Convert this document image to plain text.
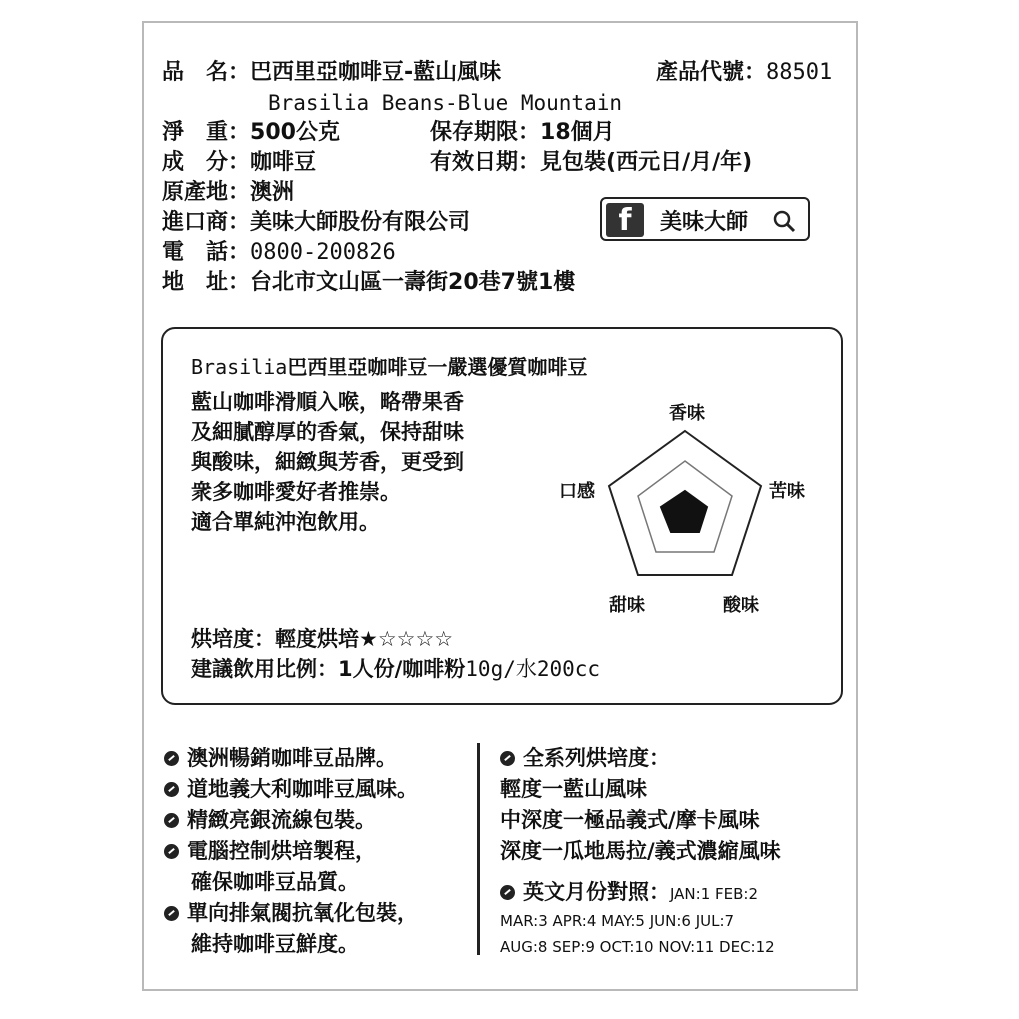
品　名：巴西里亞咖啡豆-藍山風味	產品代號：88501
Brasilia Beans-Blue Mountain
淨　重：500公克	保存期限：18個月
成　分：咖啡豆	有效日期：見包裝(西元日/月/年)
原產地：澳洲
進口商：美味大師股份有限公司	f	美味大師
電　話：0800-200826
地　址：台北市文山區一壽街20巷7號1樓
Brasilia巴西里亞咖啡豆一嚴選優質咖啡豆
藍山咖啡滑順入喉，略帶果香
及細膩醇厚的香氣，保持甜味
與酸味，細緻與芳香，更受到
衆多咖啡愛好者推崇。
適合單純沖泡飲用。
香味
苦味
酸味
甜味
口感
烘培度：輕度烘培★☆☆☆☆
建議飲用比例：1人份/咖啡粉10g/水200cc
澳洲暢銷咖啡豆品牌。
道地義大利咖啡豆風味。
精緻亮銀流線包裝。
電腦控制烘培製程，
確保咖啡豆品質。
單向排氣閥抗氧化包裝，
維持咖啡豆鮮度。
全系列烘培度：
輕度一藍山風味
中深度一極品義式/摩卡風味
深度一瓜地馬拉/義式濃縮風味
英文月份對照：JAN:1 FEB:2
MAR:3 APR:4 MAY:5 JUN:6 JUL:7
AUG:8 SEP:9 OCT:10 NOV:11 DEC:12
